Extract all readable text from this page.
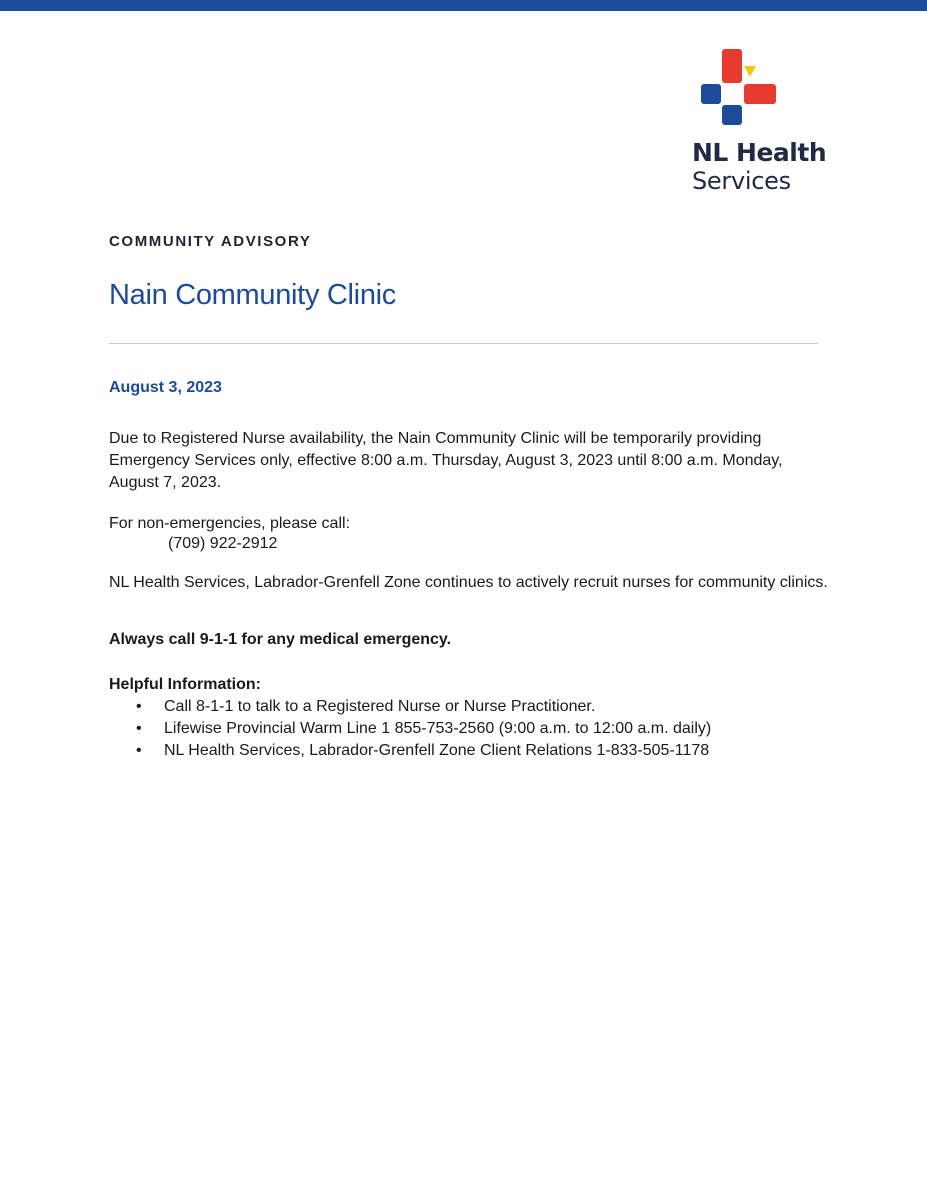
NL Health
Services
COMMUNITY ADVISORY
Nain Community Clinic
August 3, 2023
Due to Registered Nurse availability, the Nain Community Clinic will be temporarily providing Emergency Services only, effective 8:00 a.m. Thursday, August 3, 2023 until 8:00 a.m. Monday, August 7, 2023.
For non-emergencies, please call:
(709) 922-2912
NL Health Services, Labrador-Grenfell Zone continues to actively recruit nurses for community clinics.
Always call 9-1-1 for any medical emergency.
Helpful Information:
• Call 8-1-1 to talk to a Registered Nurse or Nurse Practitioner.
• Lifewise Provincial Warm Line 1 855-753-2560 (9:00 a.m. to 12:00 a.m. daily)
• NL Health Services, Labrador-Grenfell Zone Client Relations 1-833-505-1178
